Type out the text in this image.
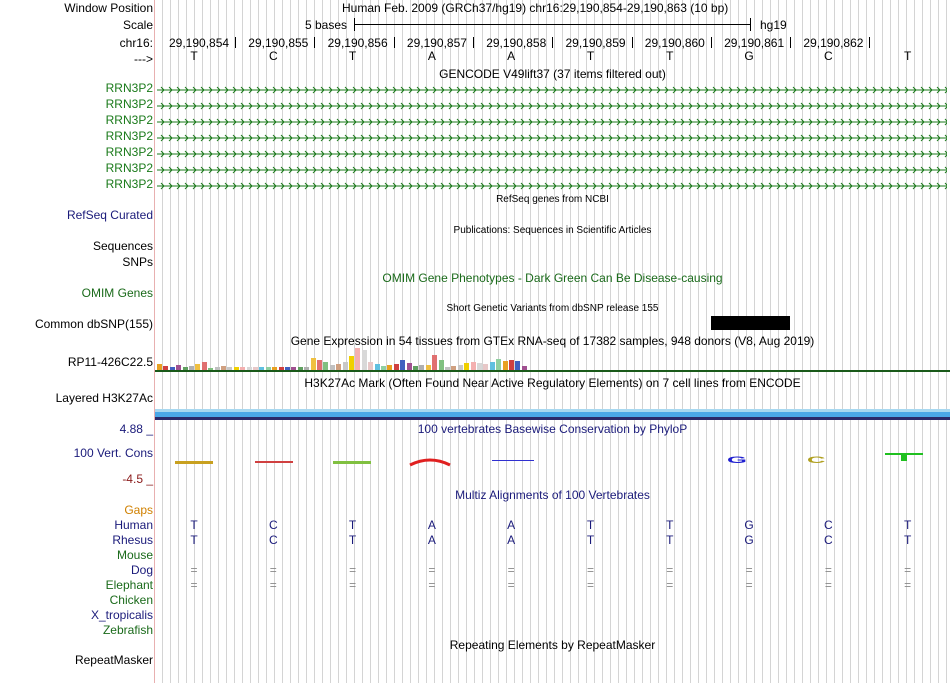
Window Position	Human Feb. 2009 (GRCh37/hg19) chr16:29,190,854-29,190,863 (10 bp)
Scale	5 bases	hg19
chr16: 29,190,854 29,190,855 29,190,856 29,190,857 29,190,858 29,190,859 29,190,860 29,190,861 29,190,862
--->	T	C	T	A	A	T	T	G	C	T
GENCODE V49lift37 (37 items filtered out)
RRN3P2
RRN3P2
RRN3P2
RRN3P2
RRN3P2
RRN3P2
RRN3P2
RefSeq genes from NCBI
RefSeq Curated
Publications: Sequences in Scientific Articles
Sequences
SNPs
OMIM Gene Phenotypes - Dark Green Can Be Disease-causing
OMIM Genes
Short Genetic Variants from dbSNP release 155
Common dbSNP(155)
Gene Expression in 54 tissues from GTEx RNA-seq of 17382 samples, 948 donors (V8, Aug 2019)
RP11-426C22.5
H3K27Ac Mark (Often Found Near Active Regulatory Elements) on 7 cell lines from ENCODE
Layered H3K27Ac
4.88 _	100 vertebrates Basewise Conservation by PhyloP
100 Vert. Cons
-4.5 _
G	C
Multiz Alignments of 100 Vertebrates
Gaps
Human	T	C	T	A	A	T	T	G	C	T
Rhesus	T	C	T	A	A	T	T	G	C	T
Mouse
Dog	=	=	=	=	=	=	=	=	=	=
Elephant	=	=	=	=	=	=	=	=	=	=
Chicken
X_tropicalis
Zebrafish
Repeating Elements by RepeatMasker
RepeatMasker
